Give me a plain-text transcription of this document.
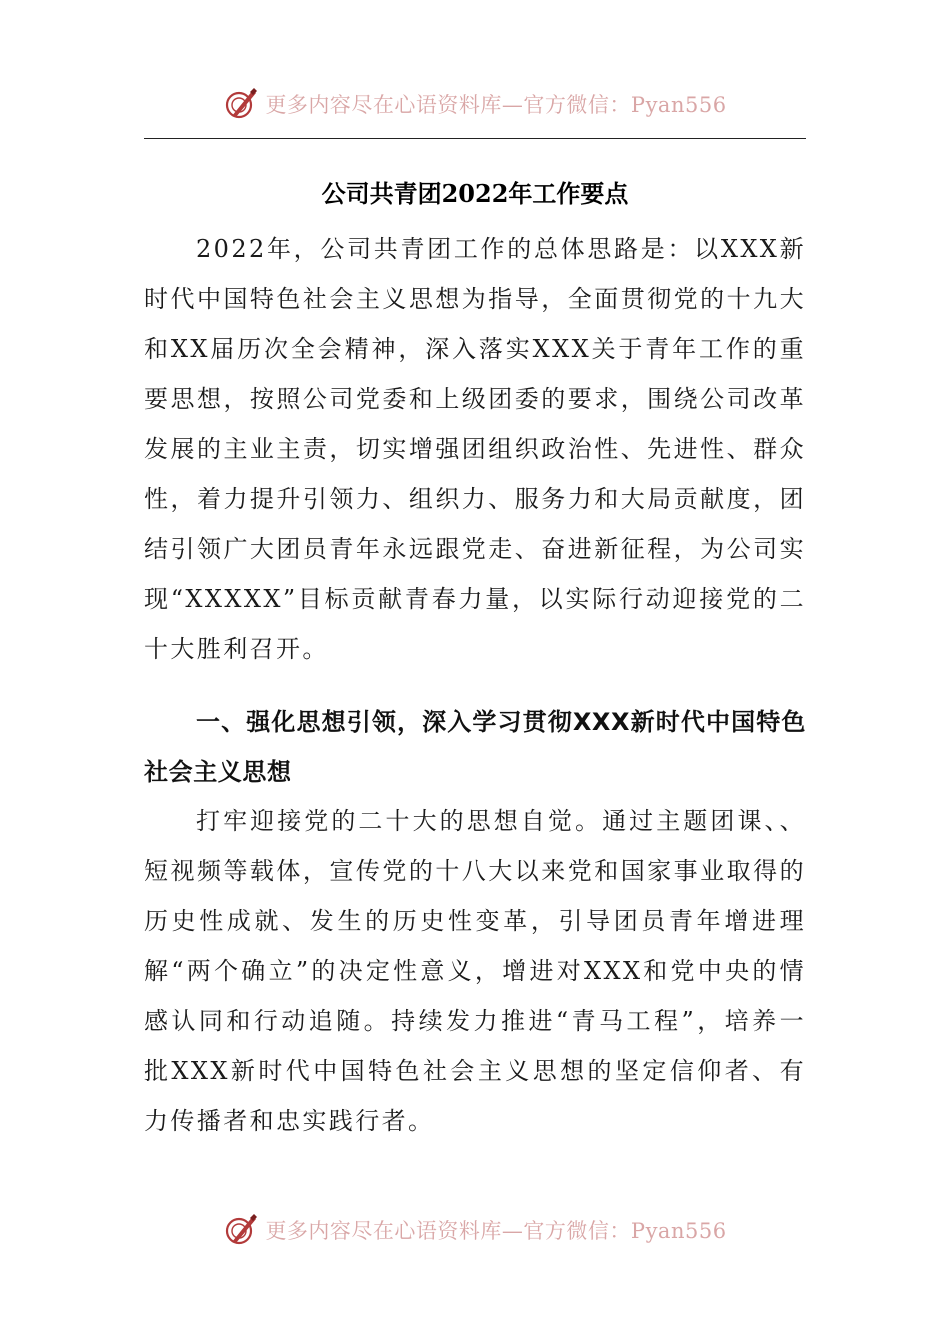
更多内容尽在心语资料库—官方微信：Pyan556
公司共青团2022年工作要点

2022年，公司共青团工作的总体思路是：以XXX新时代中国特色社会主义思想为指导，全面贯彻党的十九大和XX届历次全会精神，深入落实XXX关于青年工作的重要思想，按照公司党委和上级团委的要求，围绕公司改革发展的主业主责，切实增强团组织政治性、先进性、群众性，着力提升引领力、组织力、服务力和大局贡献度，团结引领广大团员青年永远跟党走、奋进新征程，为公司实现“XXXXX”目标贡献青春力量，以实际行动迎接党的二十大胜利召开。

一、强化思想引领，深入学习贯彻XXX新时代中国特色社会主义思想

打牢迎接党的二十大的思想自觉。通过主题团课、、短视频等载体，宣传党的十八大以来党和国家事业取得的历史性成就、发生的历史性变革，引导团员青年增进理解“两个确立”的决定性意义，增进对XXX和党中央的情感认同和行动追随。持续发力推进“青马工程”，培养一批XXX新时代中国特色社会主义思想的坚定信仰者、有力传播者和忠实践行者。

更多内容尽在心语资料库—官方微信：Pyan556
